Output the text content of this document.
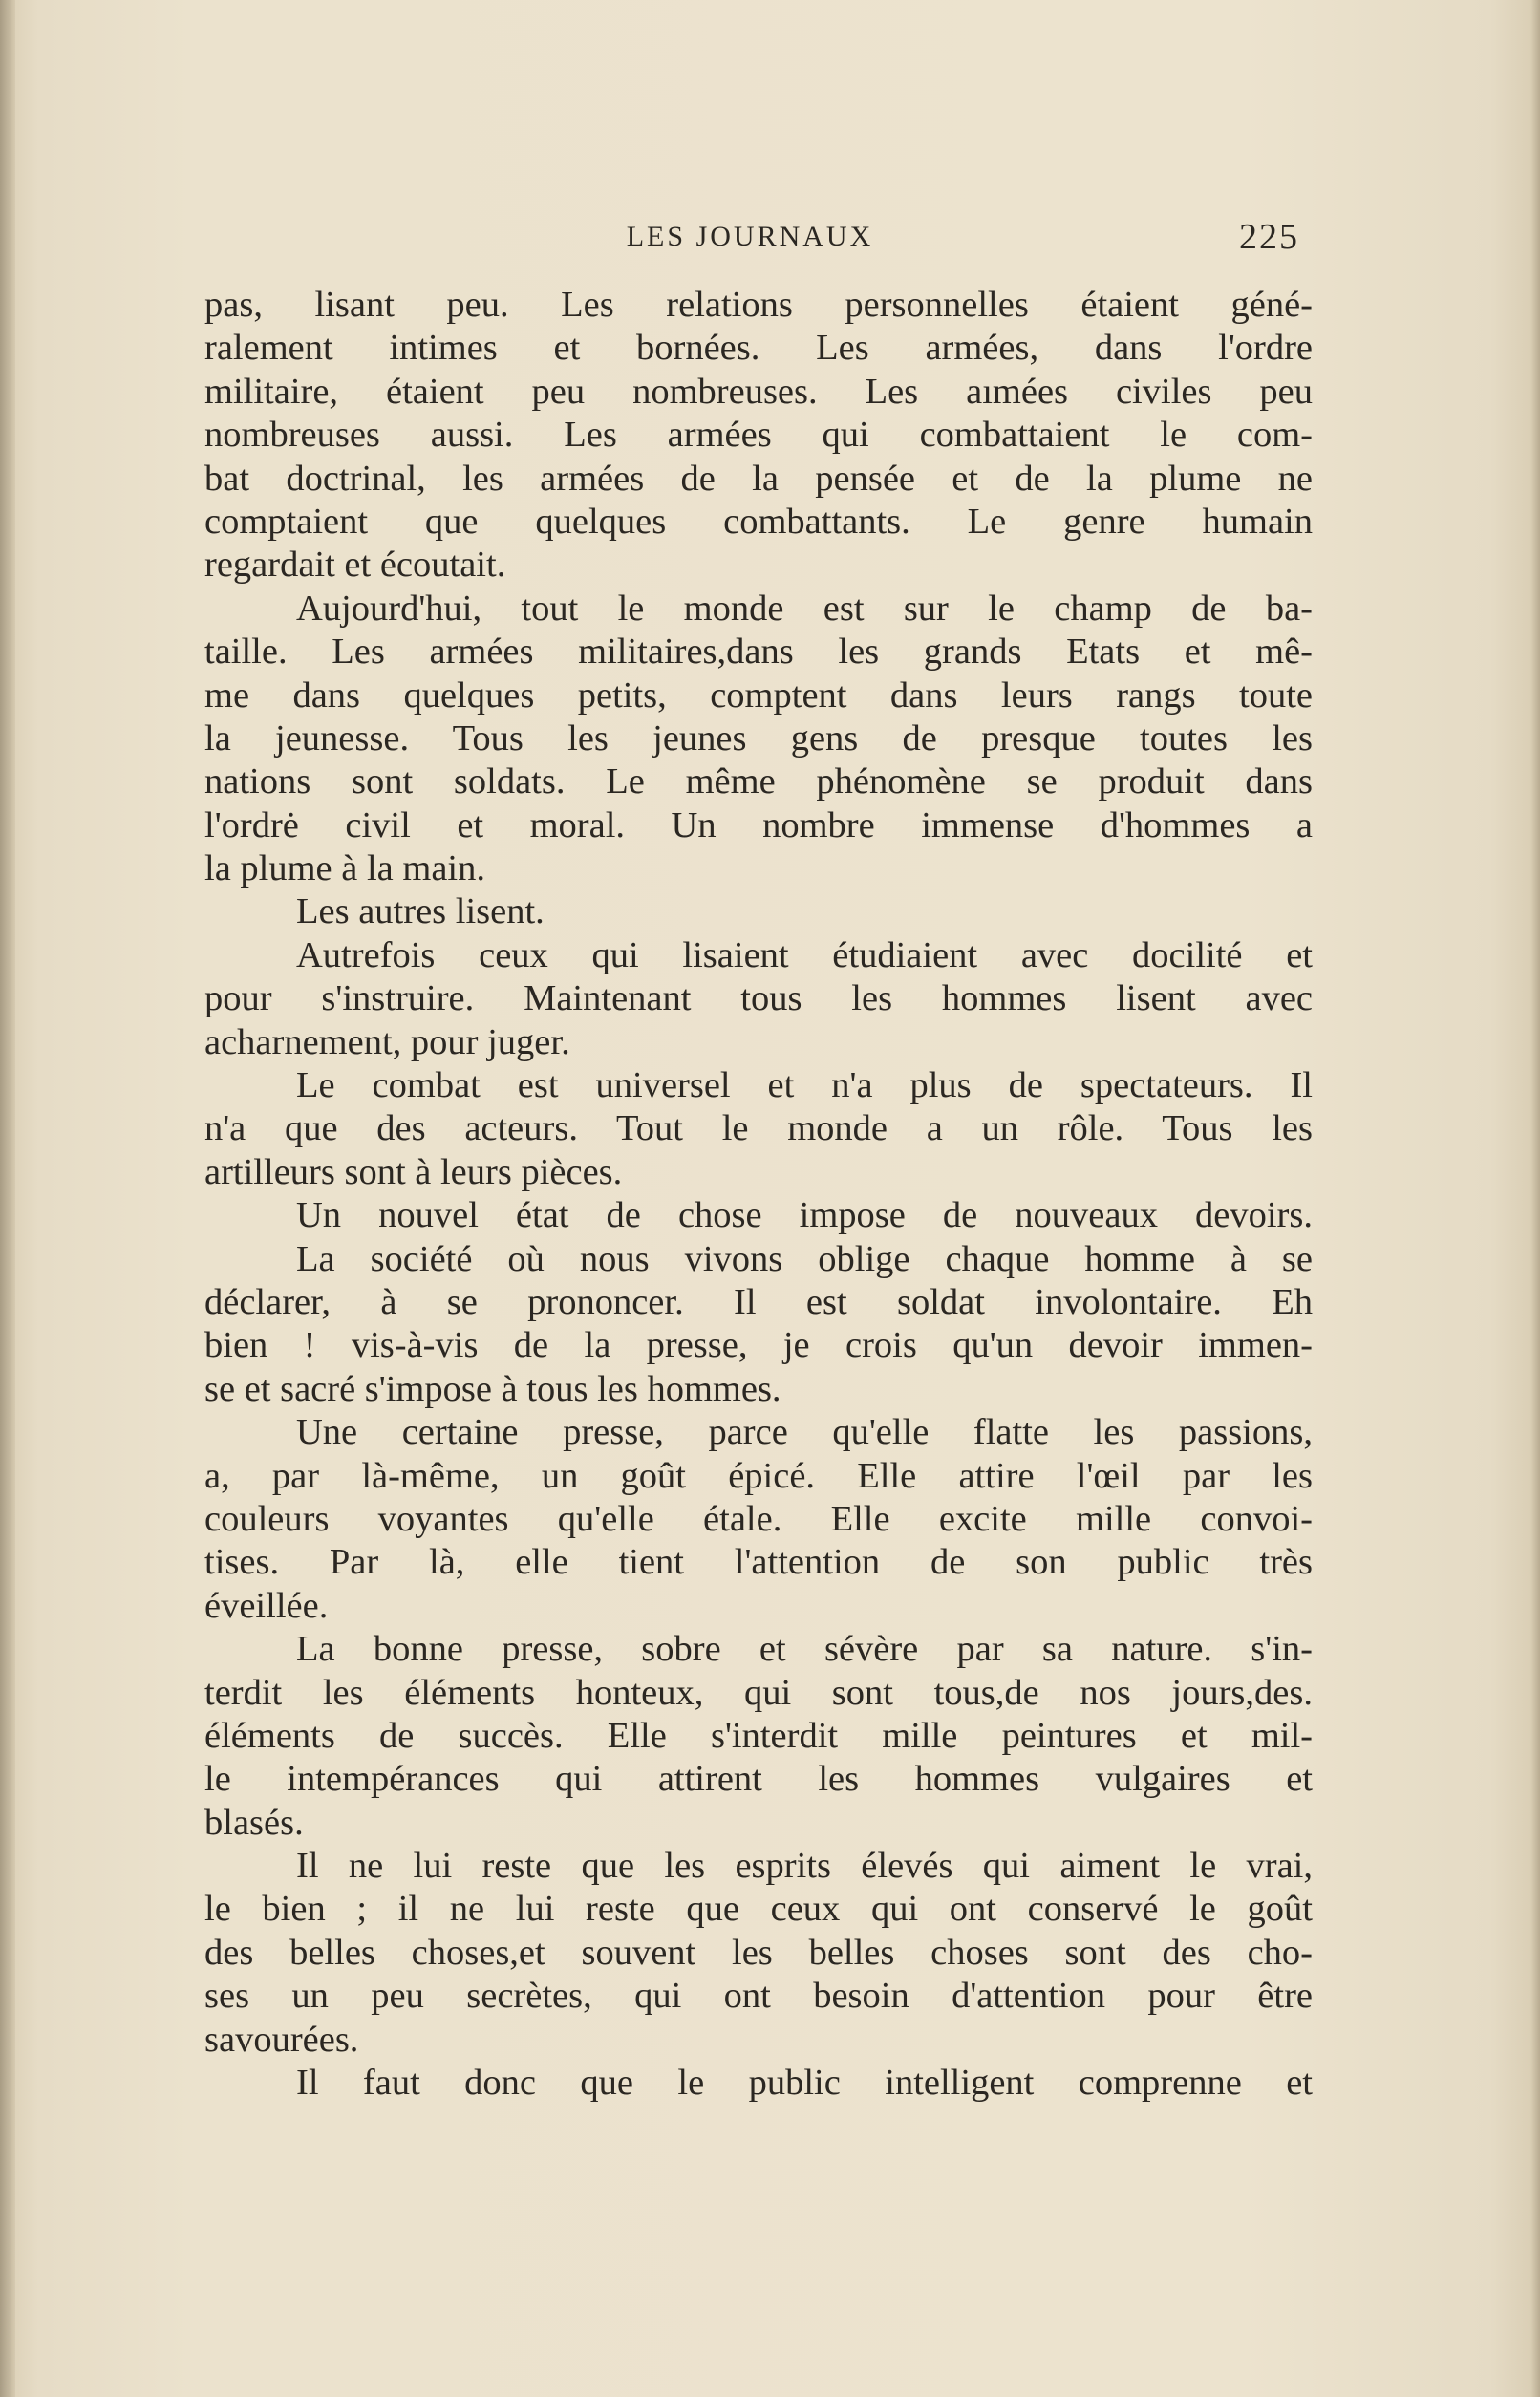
LES JOURNAUX	225
pas, lisant peu. Les relations personnelles étaient géné-
ralement intimes et bornées. Les armées, dans l'ordre
militaire, étaient peu nombreuses. Les aımées civiles peu
nombreuses aussi. Les armées qui combattaient le com-
bat doctrinal, les armées de la pensée et de la plume ne
comptaient que quelques combattants. Le genre humain
regardait et écoutait.
Aujourd'hui, tout le monde est sur le champ de ba-
taille. Les armées militaires,dans les grands Etats et mê-
me dans quelques petits, comptent dans leurs rangs toute
la jeunesse. Tous les jeunes gens de presque toutes les
nations sont soldats. Le même phénomène se produit dans
l'ordrė civil et moral. Un nombre immense d'hommes a
la plume à la main.
Les autres lisent.
Autrefois ceux qui lisaient étudiaient avec docilité et
pour s'instruire. Maintenant tous les hommes lisent avec
acharnement, pour juger.
Le combat est universel et n'a plus de spectateurs. Il
n'a que des acteurs. Tout le monde a un rôle. Tous les
artilleurs sont à leurs pièces.
Un nouvel état de chose impose de nouveaux devoirs.
La société où nous vivons oblige chaque homme à se
déclarer, à se prononcer. Il est soldat involontaire. Eh
bien ! vis-à-vis de la presse, je crois qu'un devoir immen-
se et sacré s'impose à tous les hommes.
Une certaine presse, parce qu'elle flatte les passions,
a, par là-même, un goût épicé. Elle attire l'œil par les
couleurs voyantes qu'elle étale. Elle excite mille convoi-
tises. Par là, elle tient l'attention de son public très
éveillée.
La bonne presse, sobre et sévère par sa nature. s'in-
terdit les éléments honteux, qui sont tous,de nos jours,des.
éléments de succès. Elle s'interdit mille peintures et mil-
le intempérances qui attirent les hommes vulgaires et
blasés.
Il ne lui reste que les esprits élevés qui aiment le vrai,
le bien ; il ne lui reste que ceux qui ont conservé le goût
des belles choses,et souvent les belles choses sont des cho-
ses un peu secrètes, qui ont besoin d'attention pour être
savourées.
Il faut donc que le public intelligent comprenne et
